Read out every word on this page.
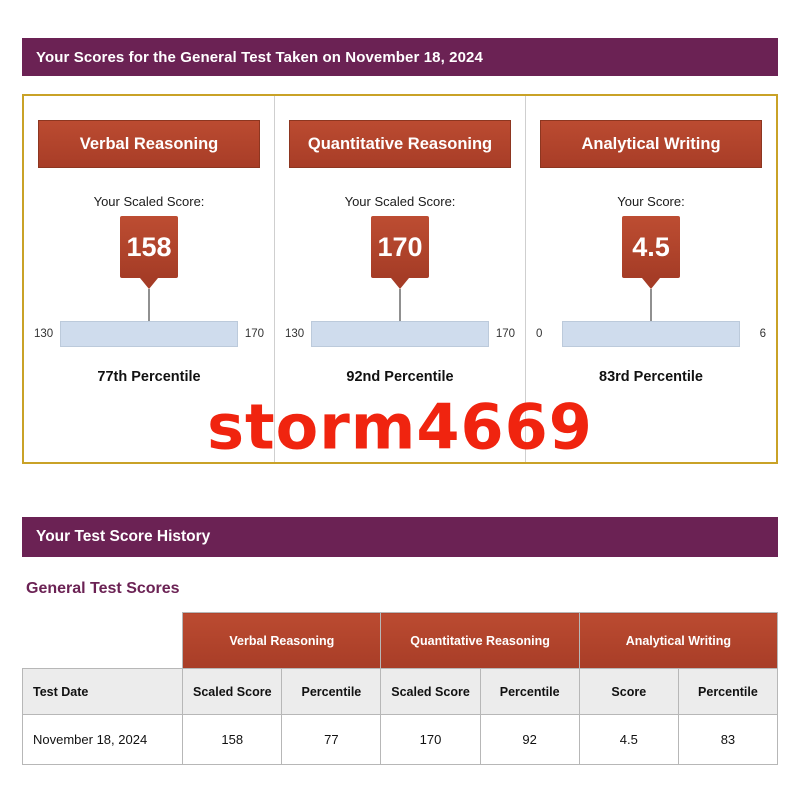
Your Scores for the General Test Taken on November 18, 2024
Verbal Reasoning
Your Scaled Score:
158
130	170
77th Percentile
Quantitative Reasoning
Your Scaled Score:
170
130	170
92nd Percentile
Analytical Writing
Your Score:
4.5
0	6
83rd Percentile
Your Test Score History
General Test Scores
	Verbal Reasoning		Quantitative Reasoning		Analytical Writing	
Test Date	Scaled Score	Percentile	Scaled Score	Percentile	Score	Percentile
November 18, 2024	158	77	170	92	4.5	83
storm4669
